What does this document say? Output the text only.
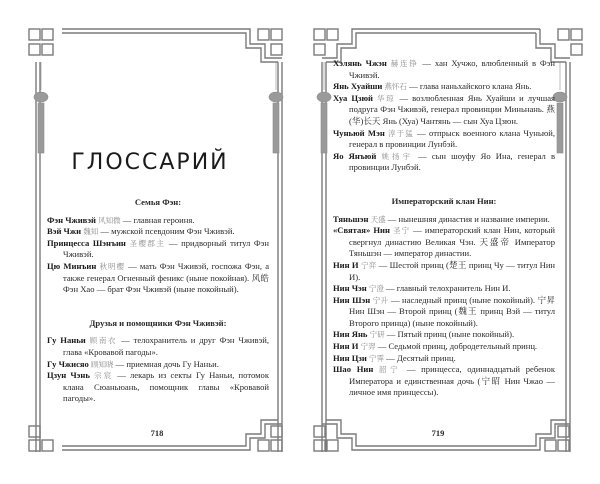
ГЛОССАРИЙ

Семья Фэн:

Фэн Чживэй 风知微 — главная героиня.

Вэй Чжи 魏知 — мужской псевдоним Фэн Чживэй.

Принцесса Шэнъин 圣樱郡主 — придворный титул Фэн Чживэй.

Цю Минъин 秋明樱 — мать Фэн Чживэй, госпожа Фэн, а также генерал Огненный феникс (ныне покойная). 风皓 Фэн Хао — брат Фэн Чживэй (ныне покойный).

Друзья и помощники Фэн Чживэй:

Гу Наньи 顾南衣 — телохранитель и друг Фэн Чживэй, глава «Кровавой пагоды».

Гу Чжисяо 顾知晓 — приемная дочь Гу Наньи.

Цзун Чэнь 宗宸 — лекарь из секты Гу Наньи, потомок клана Сюаньюань, помощник главы «Кровавой пагоды».

718

Хэлянь Чжэн 赫连铮 — хан Хучжо, влюбленный в Фэн Чживэй.

Янь Хуайши 燕怀石 — глава наньхайского клана Янь.

Хуа Цзюй 华琼 — возлюбленная Янь Хуайши и лучшая подруга Фэн Чживэй, генерал провинции Миньнань. 燕(华)长天 Янь (Хуа) Чантянь — сын Хуа Цзюн.

Чуньюй Мэн 淳于猛 — отпрыск военного клана Чуньюй, генерал в провинции Лунбэй.

Яо Янъюй 姚扬宇 — сын шоуфу Яо Ина, генерал в провинции Лунбэй.

Императорский клан Нин:

Тяньшэн 天盛 — нынешняя династия и название империи.

«Святая» Нин 圣宁 — императорский клан Нин, который свергнул династию Великая Чэн. 天盛帝 Император Тяньшэн — император династии.

Нин И 宁弈 — Шестой принц (楚王 принц Чу — титул Нин И).

Нин Чэн 宁澄 — главный телохранитель Нин И.

Нин Шэн 宁升 — наследный принц (ныне покойный). 宁昇 Нин Шэн — Второй принц (魏王 принц Вэй — титул Второго принца) (ныне покойный).

Нин Янь 宁研 — Пятый принц (ныне покойный).

Нин И 宁羿 — Седьмой принц, добродетельный принц.

Нин Цзи 宁霁 — Десятый принц.

Шао Нин 韶宁 — принцесса, одиннадцатый ребенок Императора и единственная дочь (宁昭 Нин Чжао — личное имя принцессы).

719
